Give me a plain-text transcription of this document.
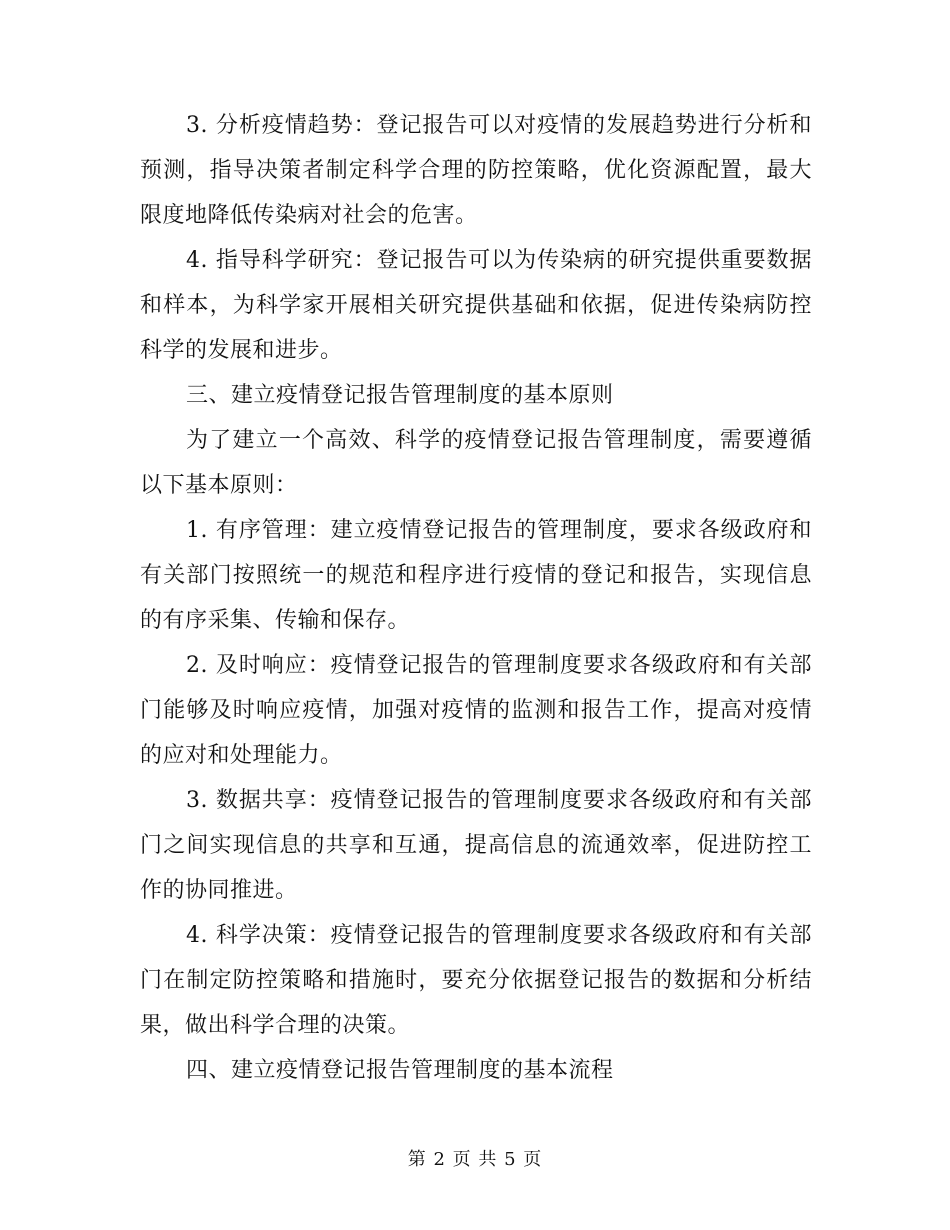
3. 分析疫情趋势：登记报告可以对疫情的发展趋势进行分析和预测，指导决策者制定科学合理的防控策略，优化资源配置，最大限度地降低传染病对社会的危害。

4. 指导科学研究：登记报告可以为传染病的研究提供重要数据和样本，为科学家开展相关研究提供基础和依据，促进传染病防控科学的发展和进步。

三、建立疫情登记报告管理制度的基本原则

为了建立一个高效、科学的疫情登记报告管理制度，需要遵循以下基本原则：

1. 有序管理：建立疫情登记报告的管理制度，要求各级政府和有关部门按照统一的规范和程序进行疫情的登记和报告，实现信息的有序采集、传输和保存。

2. 及时响应：疫情登记报告的管理制度要求各级政府和有关部门能够及时响应疫情，加强对疫情的监测和报告工作，提高对疫情的应对和处理能力。

3. 数据共享：疫情登记报告的管理制度要求各级政府和有关部门之间实现信息的共享和互通，提高信息的流通效率，促进防控工作的协同推进。

4. 科学决策：疫情登记报告的管理制度要求各级政府和有关部门在制定防控策略和措施时，要充分依据登记报告的数据和分析结果，做出科学合理的决策。

四、建立疫情登记报告管理制度的基本流程

第 2 页 共 5 页
